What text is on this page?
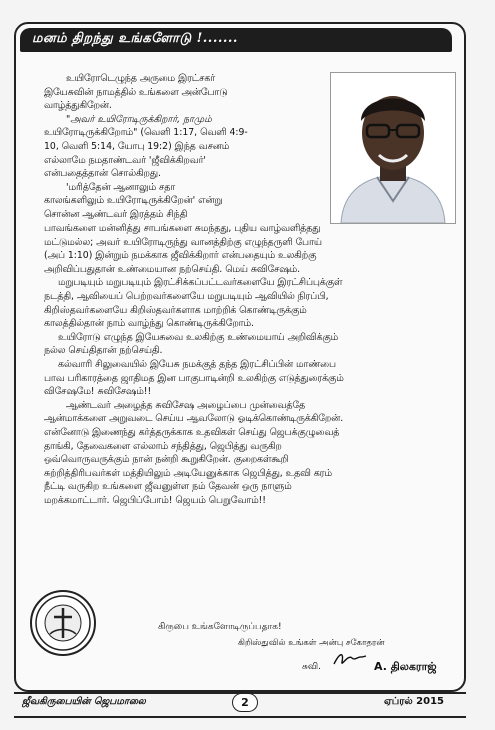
மனம் திறந்து உங்களோடு !.......
உயிரோடெழுந்த அருமை இரட்சகர்
இயேசுவின் நாமத்தில் உங்களை அன்போடு
வாழ்த்துகிறேன்.
"அவர் உயிரோடிருக்கிறார், நாமும்
உயிரோடிருக்கிறோம்" (வெளி 1:17, வெளி 4:9-
10, வெளி 5:14, யோபு 19:2) இந்த வசனம்
எல்லாமே நமதாண்டவர் 'ஜீவிக்கிறவர்'
என்பதைத்தான் சொல்கிறது.
'மரித்தேன் ஆனாலும் சதா
காலங்களிலும் உயிரோடிருக்கிறேன்' என்று
சொன்ன ஆண்டவர் இரத்தம் சிந்தி
பாவங்களை மன்னித்து சாபங்களை சுமந்தது, புதிய வாழ்வளித்தது
மட்டுமல்ல; அவர் உயிரோடிருந்து வானத்திற்கு எழுந்தருளி போய்
(அப் 1:10) இன்றும் நமக்காக ஜீவிக்கிறார் என்பதையும் உலகிற்கு
அறிவிப்பதுதான் உண்மையான நற்செய்தி. மெய் சுவிசேஷம்.
மறுபடியும் மறுபடியும் இரட்சிக்கப்பட்டவர்களையே இரட்சிப்புக்குள்
நடத்தி, ஆவியைப் பெற்றவர்களையே மறுபடியும் ஆவியில் நிரப்பி,
கிறிஸ்தவர்களையே கிறிஸ்தவர்களாக மாற்றிக் கொண்டிருக்கும்
காலத்தில்தான் நாம் வாழ்ந்து கொண்டிருக்கிறோம்.
உயிரோடு எழுந்த இயேசுவை உலகிற்கு உண்மையாய் அறிவிக்கும்
நல்ல செய்திதான் நற்செய்தி.
கல்வாரி சிலுவையில் இயேசு நமக்குத் தந்த இரட்சிப்பின் மாண்பை
பாவ பரிகாரத்தை ஜாதிமத இன பாகுபாடின்றி உலகிற்கு எடுத்துரைக்கும்
விசேஷமே! சுவிசேஷம்!!
ஆண்டவர் அழைத்த சுவிசேஷ அழைப்பை முன்வைத்தே
ஆன்மாக்களை அறுவடை செய்ய ஆவலோடு ஓடிக்கொண்டிருக்கிறேன்.
என்னோடு இணைந்து கர்த்தருக்காக உதவிகள் செய்து ஜெபக்குழுவைத்
தாங்கி, தேவைகளை எல்லாம் சந்தித்து, ஜெபித்து வருகிற
ஒவ்வொருவருக்கும் நான் நன்றி கூறுகிறேன். குறைகள்கூறி
சுற்றித்திரிபவர்கள் மத்தியிலும் அடியேனுக்காக ஜெபித்து, உதவி கரம்
நீட்டி வருகிற உங்களை ஜீவனுள்ள நம் தேவன் ஒரு நாளும்
மறக்கமாட்டார். ஜெபிப்போம்! ஜெயம் பெறுவோம்!!
கிருபை உங்களோடிருப்பதாக!
கிறிஸ்துவில் உங்கள் அன்பு சகோதரன்
சுவி.	A. திலகராஜ்
ஜீவகிருபையின் ஜெபமாலை	2	ஏப்ரல் 2015
